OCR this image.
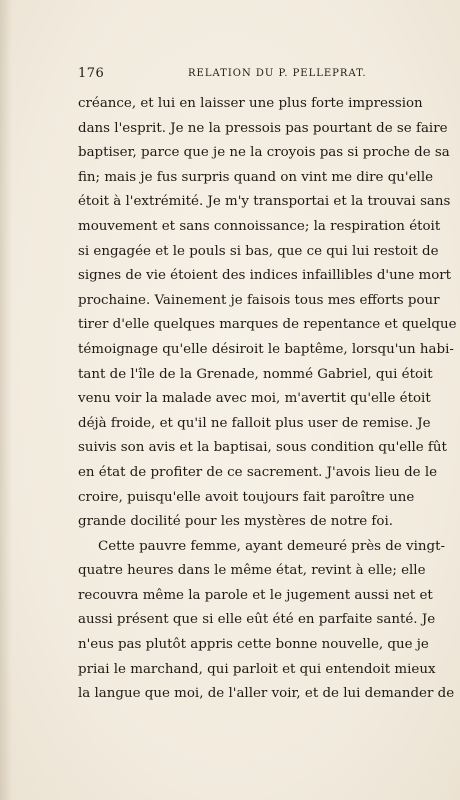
176	RELATION DU P. PELLEPRAT.
créance, et lui en laisser une plus forte impression
dans l'esprit. Je ne la pressois pas pourtant de se faire
baptiser, parce que je ne la croyois pas si proche de sa
fin; mais je fus surpris quand on vint me dire qu'elle
étoit à l'extrémité. Je m'y transportai et la trouvai sans
mouvement et sans connoissance; la respiration étoit
si engagée et le pouls si bas, que ce qui lui restoit de
signes de vie étoient des indices infaillibles d'une mort
prochaine. Vainement je faisois tous mes efforts pour
tirer d'elle quelques marques de repentance et quelque
témoignage qu'elle désiroit le baptême, lorsqu'un habi-
tant de l'île de la Grenade, nommé Gabriel, qui étoit
venu voir la malade avec moi, m'avertit qu'elle étoit
déjà froide, et qu'il ne falloit plus user de remise. Je
suivis son avis et la baptisai, sous condition qu'elle fût
en état de profiter de ce sacrement. J'avois lieu de le
croire, puisqu'elle avoit toujours fait paroître une
grande docilité pour les mystères de notre foi.
Cette pauvre femme, ayant demeuré près de vingt-
quatre heures dans le même état, revint à elle; elle
recouvra même la parole et le jugement aussi net et
aussi présent que si elle eût été en parfaite santé. Je
n'eus pas plutôt appris cette bonne nouvelle, que je
priai le marchand, qui parloit et qui entendoit mieux
la langue que moi, de l'aller voir, et de lui demander de
